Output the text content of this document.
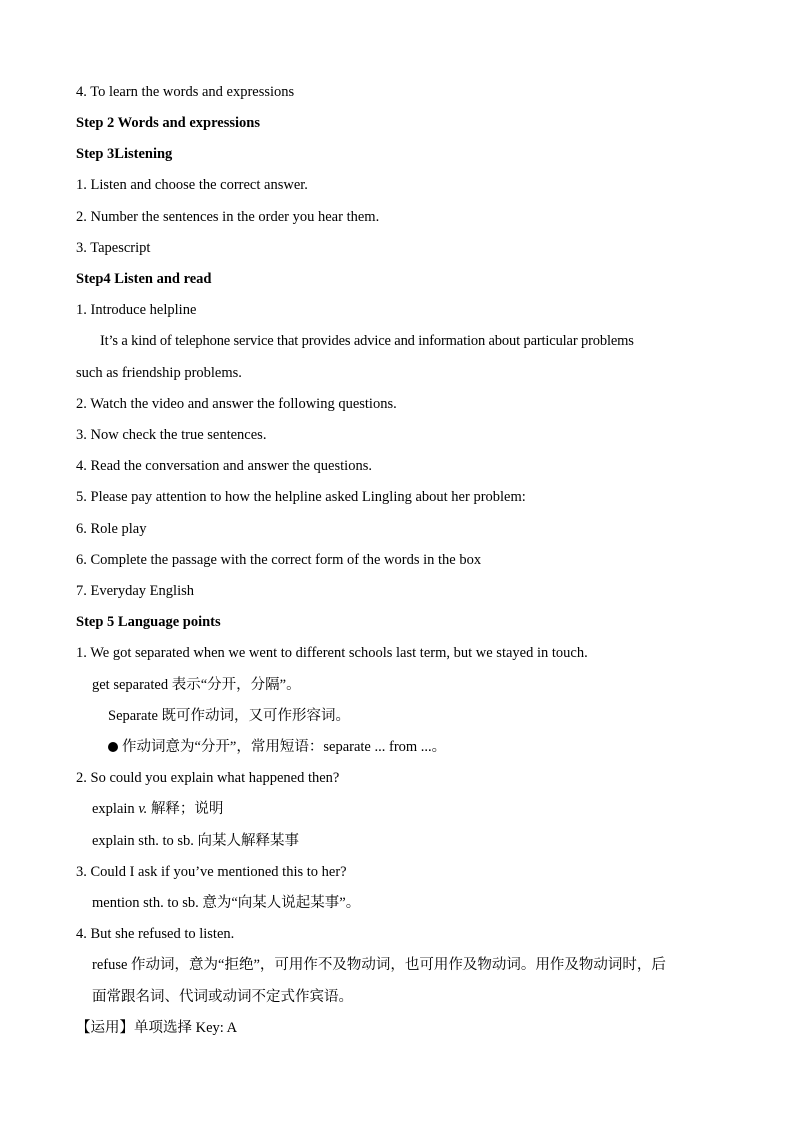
4. To learn the words and expressions
Step 2 Words and expressions
Step 3Listening
1. Listen and choose the correct answer.
2. Number the sentences in the order you hear them.
3. Tapescript
Step4 Listen and read
1. Introduce helpline
It’s a kind of telephone service that provides advice and information about particular problems
such as friendship problems.
2. Watch the video and answer the following questions.
3. Now check the true sentences.
4. Read the conversation and answer the questions.
5. Please pay attention to how the helpline asked Lingling about her problem:
6. Role play
6. Complete the passage with the correct form of the words in the box
7. Everyday English
Step 5 Language points
1. We got separated when we went to different schools last term, but we stayed in touch.
get separated 表示“分开，分隔”。
Separate 既可作动词，又可作形容词。
作动词意为“分开”，常用短语：separate ... from ...。
2. So could you explain what happened then?
explain v. 解释；说明
explain sth. to sb. 向某人解释某事
3. Could I ask if you’ve mentioned this to her?
mention sth. to sb. 意为“向某人说起某事”。
4. But she refused to listen.
refuse 作动词，意为“拒绝”，可用作不及物动词，也可用作及物动词。用作及物动词时，后
面常跟名词、代词或动词不定式作宾语。
【运用】单项选择 Key: A
